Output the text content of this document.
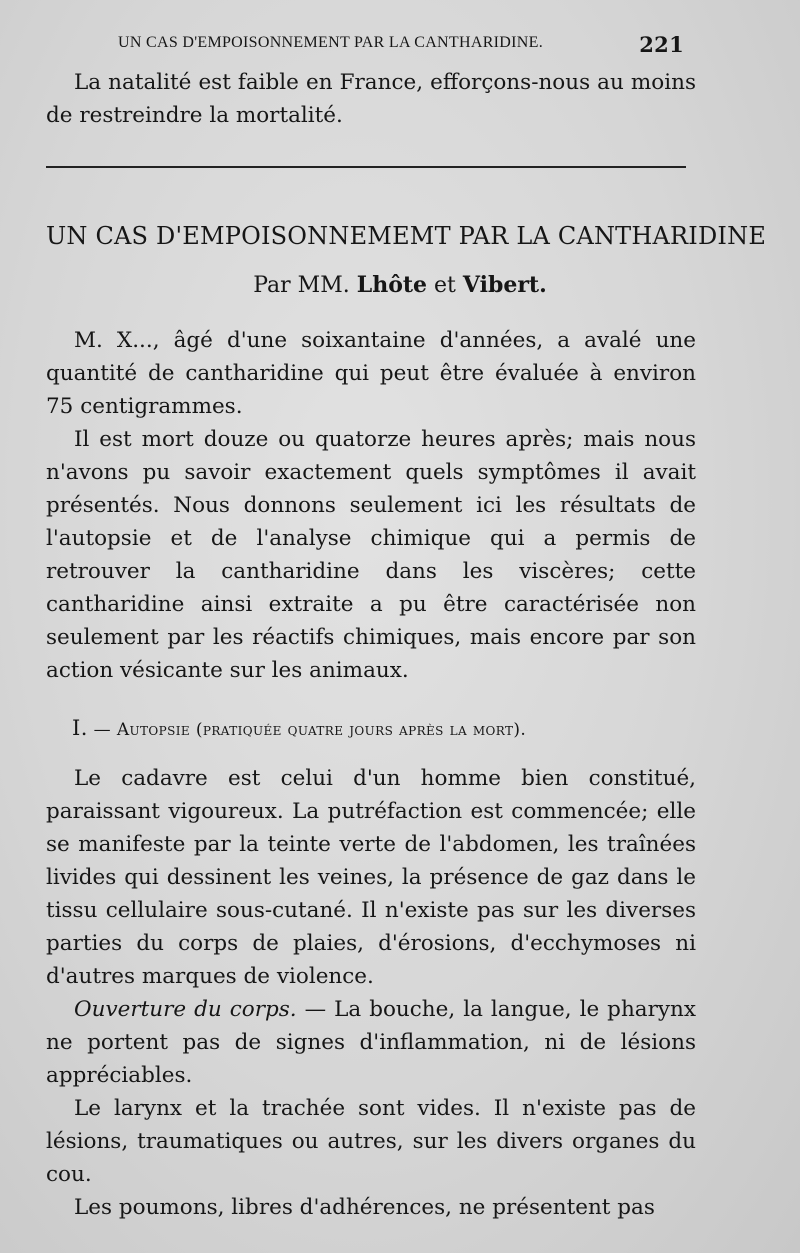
UN CAS D'EMPOISONNEMENT PAR LA CANTHARIDINE.	221

La natalité est faible en France, efforçons-nous au moins de restreindre la mortalité.

UN CAS D'EMPOISONNEMEMT PAR LA CANTHARIDINE
Par MM. Lhôte et Vibert.

M. X..., âgé d'une soixantaine d'années, a avalé une quantité de cantharidine qui peut être évaluée à environ 75 centigrammes.

Il est mort douze ou quatorze heures après; mais nous n'avons pu savoir exactement quels symptômes il avait présentés. Nous donnons seulement ici les résultats de l'autopsie et de l'analyse chimique qui a permis de retrouver la cantharidine dans les viscères; cette cantharidine ainsi extraite a pu être caractérisée non seulement par les réactifs chimiques, mais encore par son action vésicante sur les animaux.

I. — Autopsie (pratiquée quatre jours après la mort).

Le cadavre est celui d'un homme bien constitué, paraissant vigoureux. La putréfaction est commencée; elle se manifeste par la teinte verte de l'abdomen, les traînées livides qui dessinent les veines, la présence de gaz dans le tissu cellulaire sous-cutané. Il n'existe pas sur les diverses parties du corps de plaies, d'érosions, d'ecchymoses ni d'autres marques de violence.

Ouverture du corps. — La bouche, la langue, le pharynx ne portent pas de signes d'inflammation, ni de lésions appréciables.

Le larynx et la trachée sont vides. Il n'existe pas de lésions, traumatiques ou autres, sur les divers organes du cou.

Les poumons, libres d'adhérences, ne présentent pas
